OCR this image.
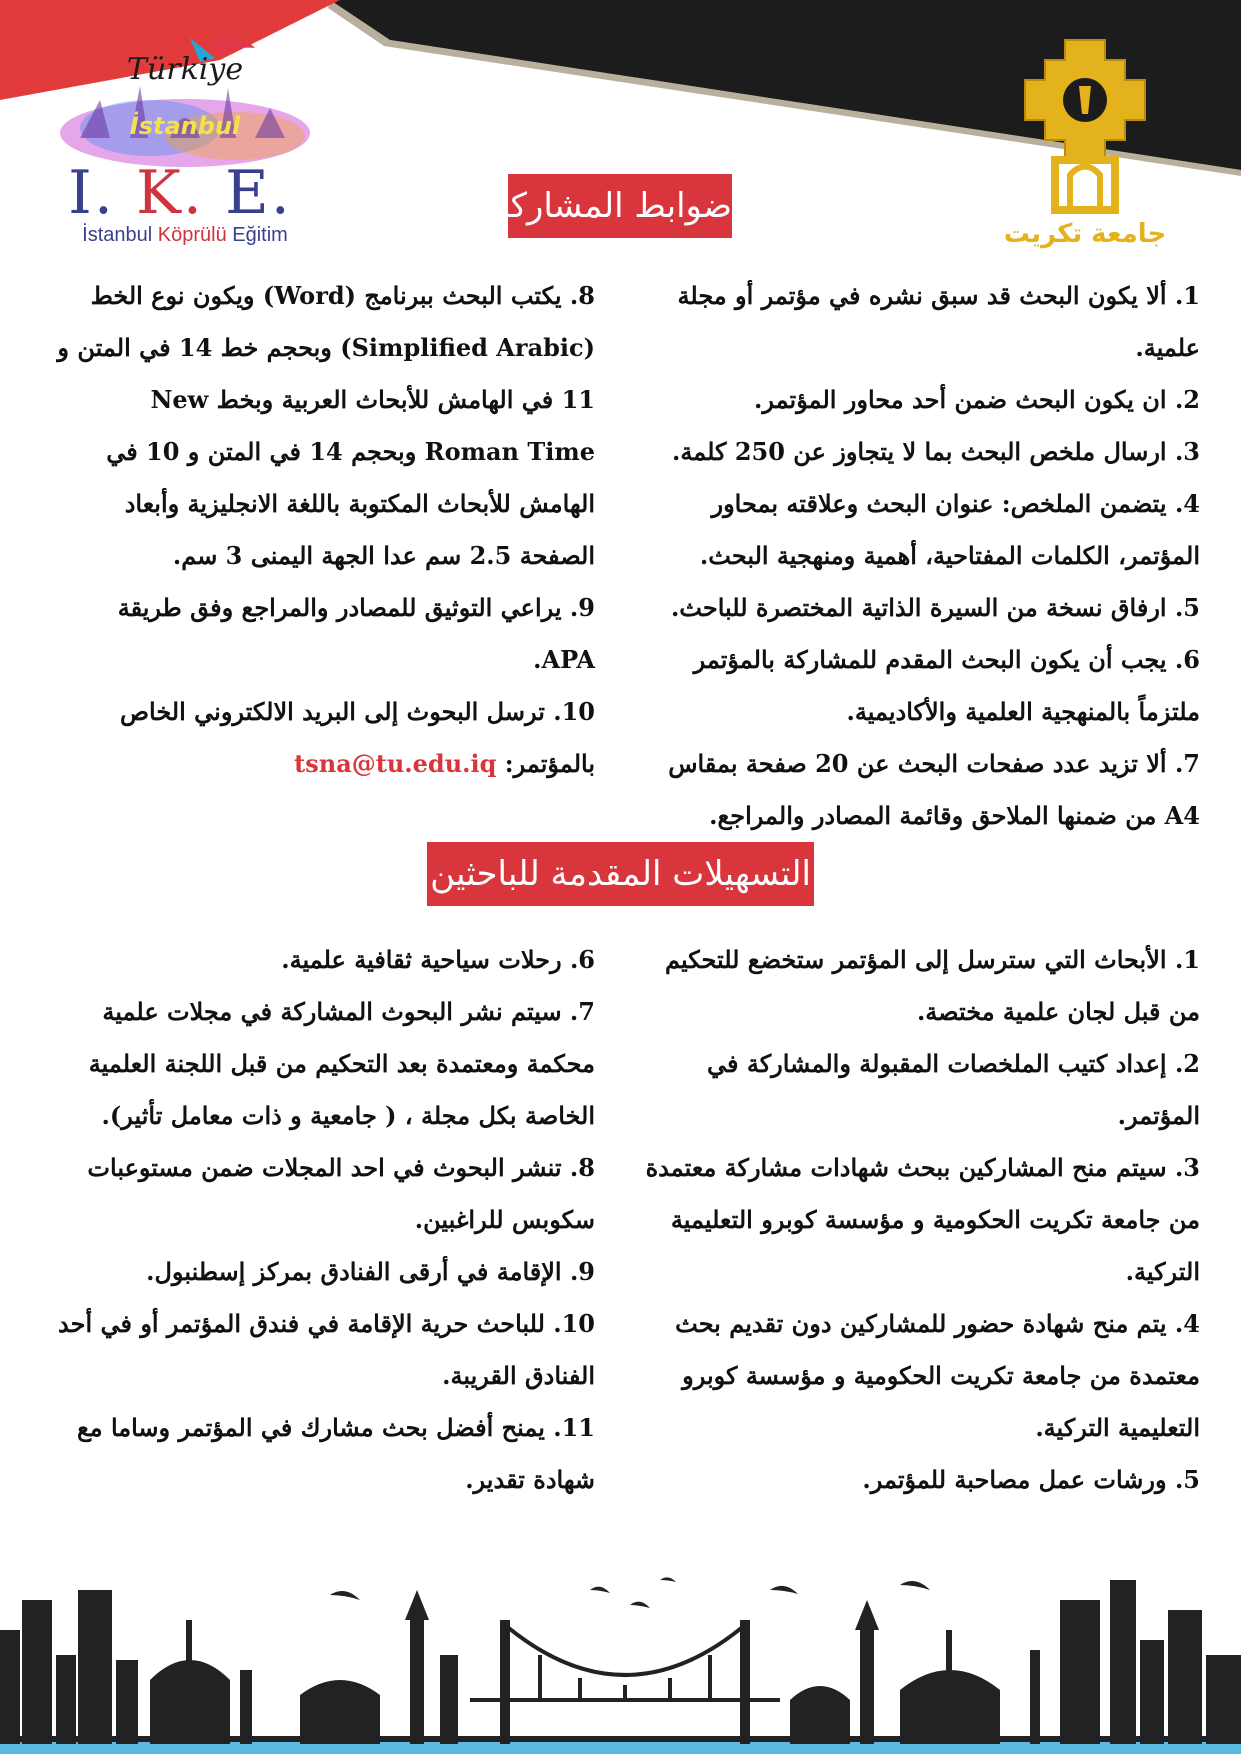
Türkiye
İstanbul
I. K. E.
İstanbul Köprülü Eğitim	جامعة تكريت
ضوابط المشاركة
1. ألا يكون البحث قد سبق نشره في مؤتمر أو مجلة علمية.
2. ان يكون البحث ضمن أحد محاور المؤتمر.
3. ارسال ملخص البحث بما لا يتجاوز عن 250 كلمة.
4. يتضمن الملخص: عنوان البحث وعلاقته بمحاور المؤتمر، الكلمات المفتاحية، أهمية ومنهجية البحث.
5. ارفاق نسخة من السيرة الذاتية المختصرة للباحث.
6. يجب أن يكون البحث المقدم للمشاركة بالمؤتمر ملتزماً بالمنهجية العلمية والأكاديمية.
7. ألا تزيد عدد صفحات البحث عن 20 صفحة بمقاس A4 من ضمنها الملاحق وقائمة المصادر والمراجع.
8. يكتب البحث ببرنامج (Word) ويكون نوع الخط (Simplified Arabic) وبحجم خط 14 في المتن و 11 في الهامش للأبحاث العربية وبخط New Roman Time وبحجم 14 في المتن و 10 في الهامش للأبحاث المكتوبة باللغة الانجليزية وأبعاد الصفحة 2.5 سم عدا الجهة اليمنى 3 سم.
9. يراعي التوثيق للمصادر والمراجع وفق طريقة APA.
10. ترسل البحوث إلى البريد الالكتروني الخاص بالمؤتمر: tsna@tu.edu.iq
التسهيلات المقدمة للباحثين
1. الأبحاث التي سترسل إلى المؤتمر ستخضع للتحكيم من قبل لجان علمية مختصة.
2. إعداد كتيب الملخصات المقبولة والمشاركة في المؤتمر.
3. سيتم منح المشاركين ببحث شهادات مشاركة معتمدة من جامعة تكريت الحكومية و مؤسسة كوبرو التعليمية التركية.
4. يتم منح شهادة حضور للمشاركين دون تقديم بحث معتمدة من جامعة تكريت الحكومية و مؤسسة كوبرو التعليمية التركية.
5. ورشات عمل مصاحبة للمؤتمر.
6. رحلات سياحية ثقافية علمية.
7. سيتم نشر البحوث المشاركة في مجلات علمية محكمة ومعتمدة بعد التحكيم من قبل اللجنة العلمية الخاصة بكل مجلة ، ( جامعية و ذات معامل تأثير).
8. تنشر البحوث في احد المجلات ضمن مستوعبات سكوبس للراغبين.
9. الإقامة في أرقى الفنادق بمركز إسطنبول.
10. للباحث حرية الإقامة في فندق المؤتمر أو في أحد الفنادق القريبة.
11. يمنح أفضل بحث مشارك في المؤتمر وساما مع شهادة تقدير.
